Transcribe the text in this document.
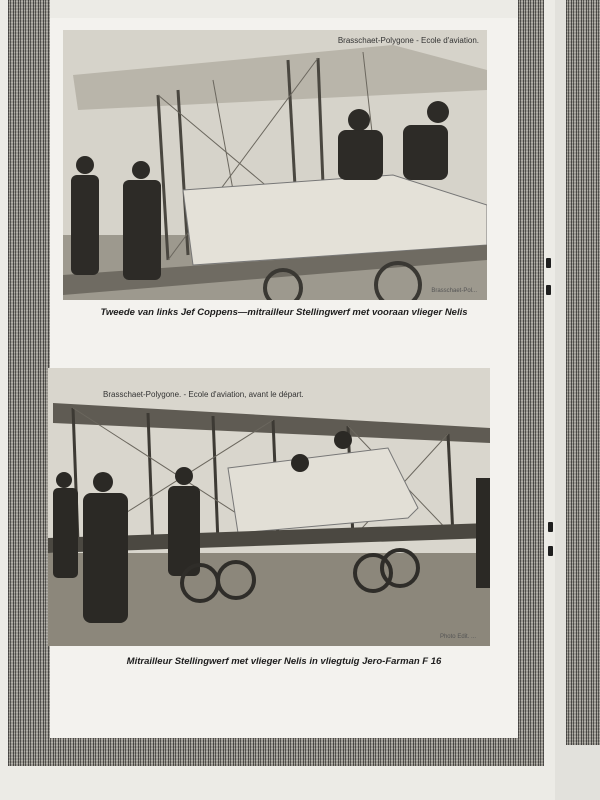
Brasschaet-Polygone - Ecole d'aviation.
Brasschaet-Pol...
Tweede van links Jef Coppens—mitrailleur Stellingwerf met vooraan vlieger Nelis
Brasschaet-Polygone. - Ecole d'aviation, avant le départ.
Photo Edit. ...
Mitrailleur Stellingwerf met vlieger Nelis in vliegtuig Jero-Farman F 16
